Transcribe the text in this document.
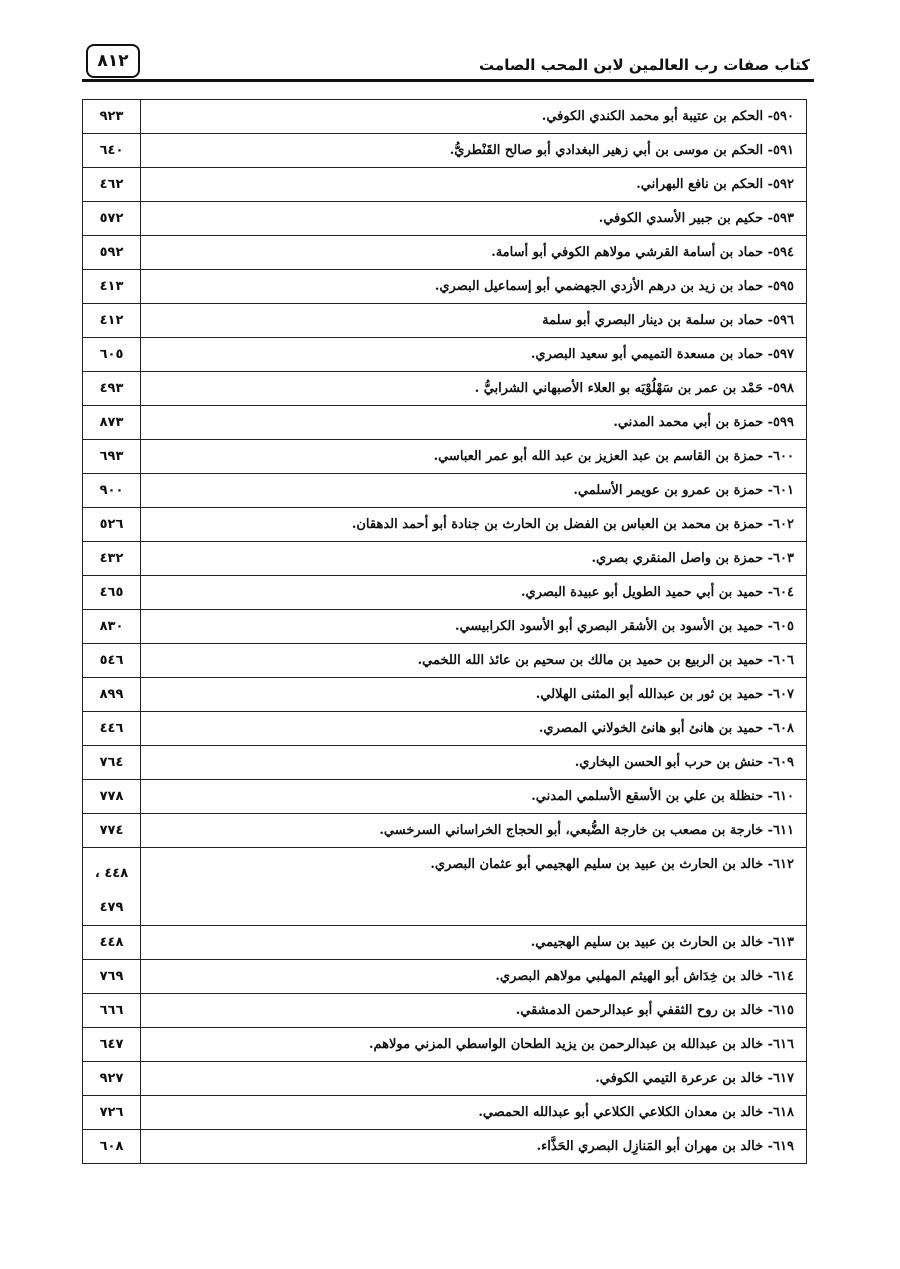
كتاب صفات رب العالمين لابن المحب الصامت
٨١٢
٥٩٠- الحكم بن عتيبة أبو محمد الكندي الكوفي.	٩٢٣

٥٩١- الحكم بن موسى بن أبي زهير البغدادي أبو صالح القَنْطريُّ.	٦٤٠

٥٩٢- الحكم بن نافع البهراني.	٤٦٢

٥٩٣- حكيم بن جبير الأسدي الكوفي.	٥٧٢

٥٩٤- حماد بن أسامة القرشي مولاهم الكوفي أبو أسامة.	٥٩٢

٥٩٥- حماد بن زيد بن درهم الأزدي الجهضمي أبو إسماعيل البصري.	٤١٣

٥٩٦- حماد بن سلمة بن دينار البصري أبو سلمة	٤١٢

٥٩٧- حماد بن مسعدة التميمي أبو سعيد البصري.	٦٠٥

٥٩٨- حَمْد بن عمر بن سَهْلُوْيَه بو العلاء الأصبهاني الشرابيُّ .	٤٩٣

٥٩٩- حمزة بن أبي محمد المدني.	٨٧٣

٦٠٠- حمزة بن القاسم بن عبد العزيز بن عبد الله أبو عمر العباسي.	٦٩٣

٦٠١- حمزة بن عمرو بن عويمر الأسلمي.	٩٠٠

٦٠٢- حمزة بن محمد بن العباس بن الفضل بن الحارث بن جنادة أبو أحمد الدهقان.	٥٢٦

٦٠٣- حمزة بن واصل المنقري بصري.	٤٣٢

٦٠٤- حميد بن أبي حميد الطويل أبو عبيدة البصري.	٤٦٥

٦٠٥- حميد بن الأسود بن الأشقر البصري أبو الأسود الكرابيسي.	٨٣٠

٦٠٦- حميد بن الربيع بن حميد بن مالك بن سحيم بن عائذ الله اللخمي.	٥٤٦

٦٠٧- حميد بن ثور بن عبدالله أبو المثنى الهلالي.	٨٩٩

٦٠٨- حميد بن هانئ أبو هانئ الخولاني المصري.	٤٤٦

٦٠٩- حنش بن حرب أبو الحسن البخاري.	٧٦٤

٦١٠- حنظلة بن علي بن الأسقع الأسلمي المدني.	٧٧٨

٦١١- خارجة بن مصعب بن خارجة الضُّبعي، أبو الحجاج الخراساني السرخسي.	٧٧٤

٦١٢- خالد بن الحارث بن عبيد بن سليم الهجيمي أبو عثمان البصري.	٤٤٨ ،
٤٧٩

٦١٣- خالد بن الحارث بن عبيد بن سليم الهجيمي.	٤٤٨

٦١٤- خالد بن خِدَاش أبو الهيثم المهلبي مولاهم البصري.	٧٦٩

٦١٥- خالد بن روح الثقفي أبو عبدالرحمن الدمشقي.	٦٦٦

٦١٦- خالد بن عبدالله بن عبدالرحمن بن يزيد الطحان الواسطي المزني مولاهم.	٦٤٧

٦١٧- خالد بن عرعرة التيمي الكوفي.	٩٢٧

٦١٨- خالد بن معدان الكلاعي الكلاعي أبو عبدالله الحمصي.	٧٢٦

٦١٩- خالد بن مهران أبو المَنازِل البصري الحَذَّاء.	٦٠٨
